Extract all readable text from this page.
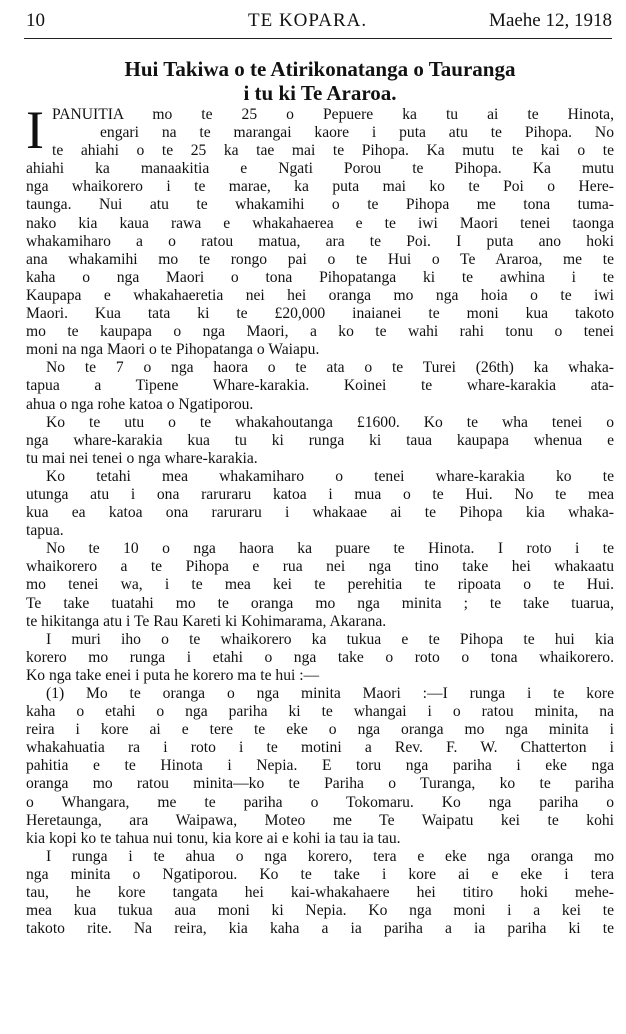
10	TE KOPARA.	Maehe 12, 1918
Hui Takiwa o te Atirikonatanga o Tauranga
i tu ki Te Araroa.
I PANUITIA mo te 25 o Pepuere ka tu ai te Hinota,
engari na te marangai kaore i puta atu te Pihopa. No
te ahiahi o te 25 ka tae mai te Pihopa. Ka mutu te kai o te
ahiahi ka manaakitia e Ngati Porou te Pihopa. Ka mutu
nga whaikorero i te marae, ka puta mai ko te Poi o Here-
taunga. Nui atu te whakamihi o te Pihopa me tona tuma-
nako kia kaua rawa e whakahaerea e te iwi Maori tenei taonga
whakamiharo a o ratou matua, ara te Poi. I puta ano hoki
ana whakamihi mo te rongo pai o te Hui o Te Araroa, me te
kaha o nga Maori o tona Pihopatanga ki te awhina i te
Kaupapa e whakahaeretia nei hei oranga mo nga hoia o te iwi
Maori. Kua tata ki te £20,000 inaianei te moni kua takoto
mo te kaupapa o nga Maori, a ko te wahi rahi tonu o tenei
moni na nga Maori o te Pihopatanga o Waiapu.
No te 7 o nga haora o te ata o te Turei (26th) ka whaka-
tapua a Tipene Whare-karakia. Koinei te whare-karakia ata-
ahua o nga rohe katoa o Ngatiporou.
Ko te utu o te whakahoutanga £1600. Ko te wha tenei o
nga whare-karakia kua tu ki runga ki taua kaupapa whenua e
tu mai nei tenei o nga whare-karakia.
Ko tetahi mea whakamiharo o tenei whare-karakia ko te
utunga atu i ona raruraru katoa i mua o te Hui. No te mea
kua ea katoa ona raruraru i whakaae ai te Pihopa kia whaka-
tapua.
No te 10 o nga haora ka puare te Hinota. I roto i te
whaikorero a te Pihopa e rua nei nga tino take hei whakaatu
mo tenei wa, i te mea kei te perehitia te ripoata o te Hui.
Te take tuatahi mo te oranga mo nga minita ; te take tuarua,
te hikitanga atu i Te Rau Kareti ki Kohimarama, Akarana.
I muri iho o te whaikorero ka tukua e te Pihopa te hui kia
korero mo runga i etahi o nga take o roto o tona whaikorero.
Ko nga take enei i puta he korero ma te hui :—
(1) Mo te oranga o nga minita Maori :—I runga i te kore
kaha o etahi o nga pariha ki te whangai i o ratou minita, na
reira i kore ai e tere te eke o nga oranga mo nga minita i
whakahuatia ra i roto i te motini a Rev. F. W. Chatterton i
pahitia e te Hinota i Nepia. E toru nga pariha i eke nga
oranga mo ratou minita—ko te Pariha o Turanga, ko te pariha
o Whangara, me te pariha o Tokomaru. Ko nga pariha o
Heretaunga, ara Waipawa, Moteo me Te Waipatu kei te kohi
kia kopi ko te tahua nui tonu, kia kore ai e kohi ia tau ia tau.
I runga i te ahua o nga korero, tera e eke nga oranga mo
nga minita o Ngatiporou. Ko te take i kore ai e eke i tera
tau, he kore tangata hei kai-whakahaere hei titiro hoki mehe-
mea kua tukua aua moni ki Nepia. Ko nga moni i a kei te
takoto rite. Na reira, kia kaha a ia pariha a ia pariha ki te
